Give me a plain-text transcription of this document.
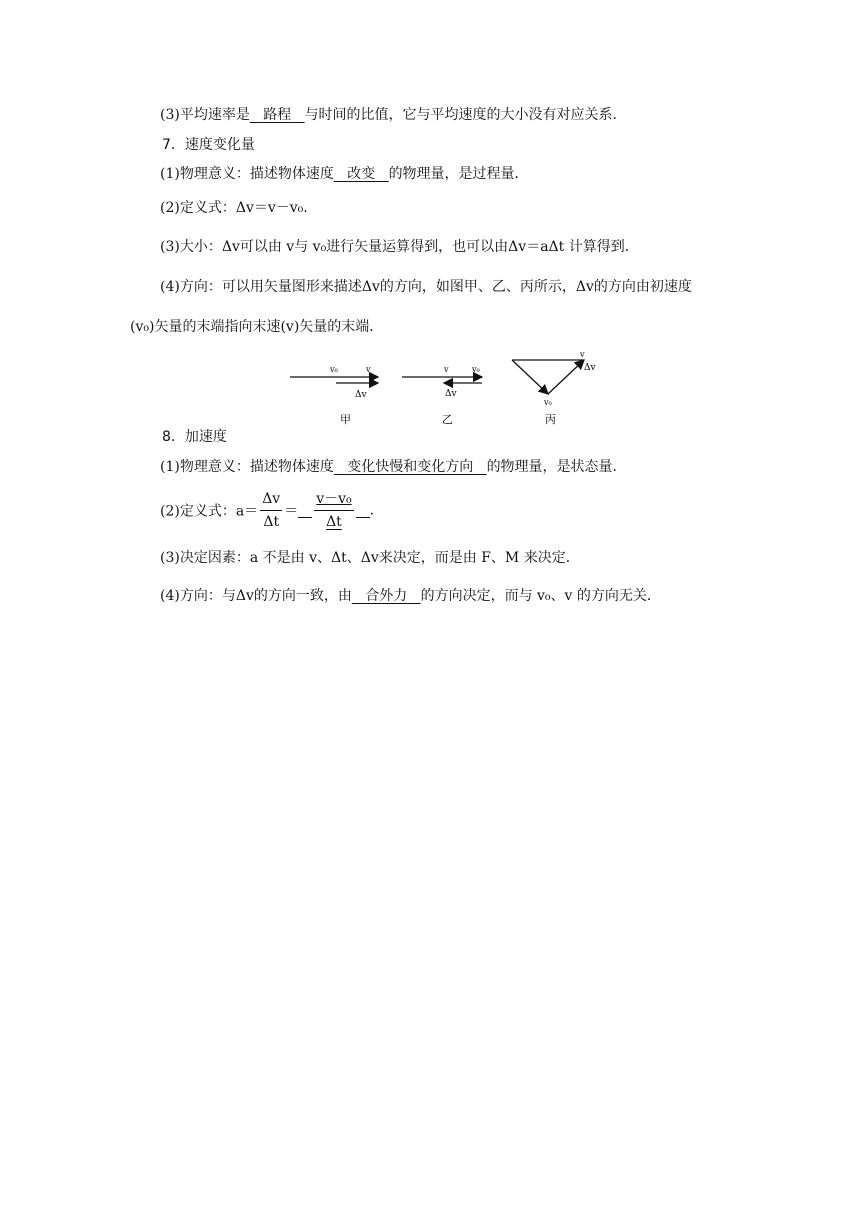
(3)平均速率是 路程 与时间的比值，它与平均速度的大小没有对应关系．
7．速度变化量
(1)物理意义：描述物体速度 改变 的物理量，是过程量．
(2)定义式：Δv＝v－v₀.
(3)大小：Δv可以由 v与 v₀进行矢量运算得到，也可以由Δv＝aΔt 计算得到．
(4)方向：可以用矢量图形来描述Δv的方向，如图甲、乙、丙所示，Δv的方向由初速度
(v₀)矢量的末端指向末速(v)矢量的末端．
v₀	v
Δv
甲
v	v₀
Δv
乙
v
Δv
v₀
丙
8．加速度
(1)物理意义：描述物体速度 变化快慢和变化方向 的物理量，是状态量．
(2)定义式：$a= \frac{\Delta v}{\Delta t} = \frac{\text{v－v₀}}{\Delta t}$ .
(3)决定因素：a 不是由 v、Δt、Δv来决定，而是由 F、M 来决定．
(4)方向：与Δv的方向一致，由 合外力 的方向决定，而与 v₀、v 的方向无关．
